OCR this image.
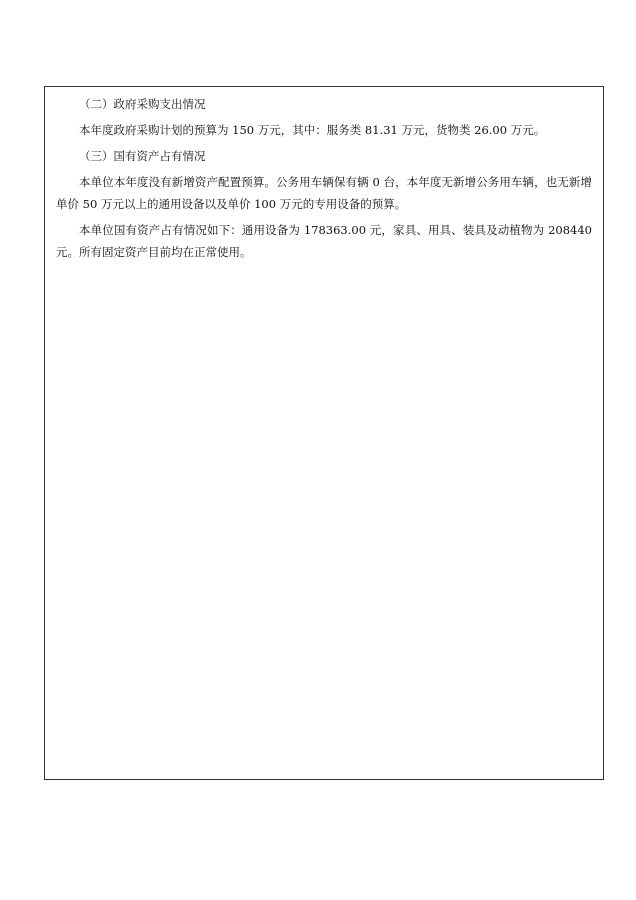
（二）政府采购支出情况

本年度政府采购计划的预算为 150 万元，其中：服务类 81.31 万元，货物类 26.00 万元。

（三）国有资产占有情况

本单位本年度没有新增资产配置预算。公务用车辆保有辆 0 台，本年度无新增公务用车辆，也无新增单价 50 万元以上的通用设备以及单价 100 万元的专用设备的预算。

本单位国有资产占有情况如下：通用设备为 178363.00 元，家具、用具、装具及动植物为 208440 元。所有固定资产目前均在正常使用。
